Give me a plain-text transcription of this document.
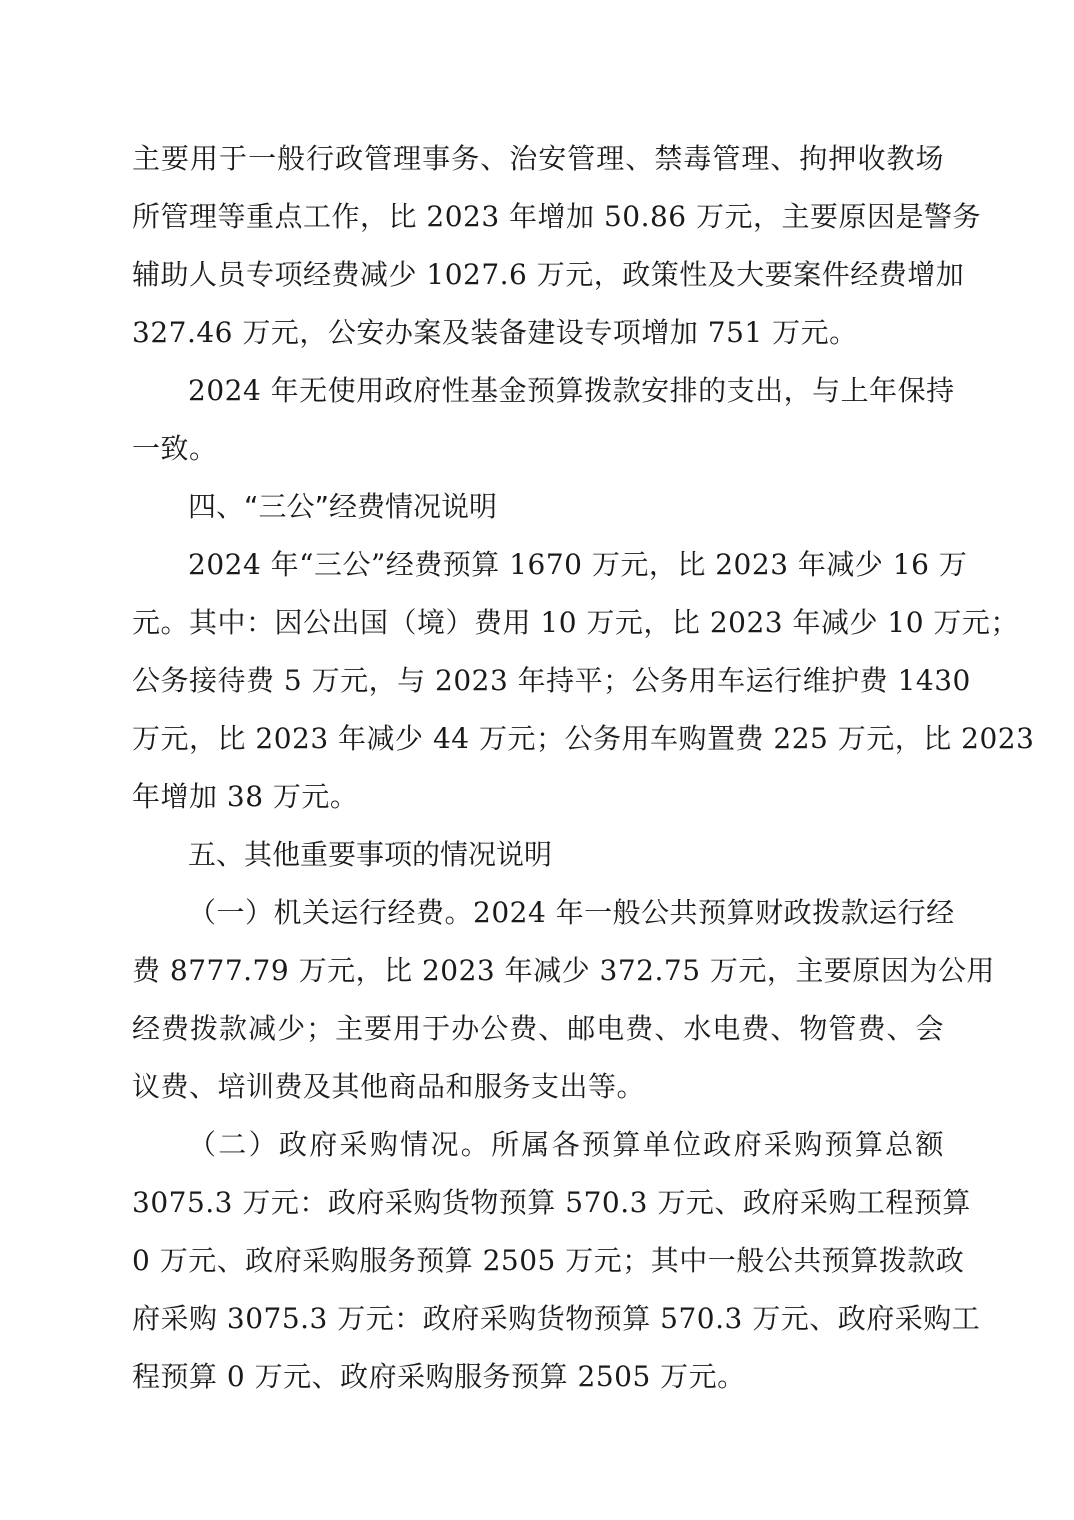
主要用于一般行政管理事务、治安管理、禁毒管理、拘押收教场
所管理等重点工作，比 2023 年增加 50.86 万元，主要原因是警务
辅助人员专项经费减少 1027.6 万元，政策性及大要案件经费增加
327.46 万元，公安办案及装备建设专项增加 751 万元。
2024 年无使用政府性基金预算拨款安排的支出，与上年保持
一致。
四、“三公”经费情况说明
2024 年“三公”经费预算 1670 万元，比 2023 年减少 16 万
元。其中：因公出国（境）费用 10 万元，比 2023 年减少 10 万元；
公务接待费 5 万元，与 2023 年持平；公务用车运行维护费 1430
万元，比 2023 年减少 44 万元；公务用车购置费 225 万元，比 2023
年增加 38 万元。
五、其他重要事项的情况说明
（一）机关运行经费。2024 年一般公共预算财政拨款运行经
费 8777.79 万元，比 2023 年减少 372.75 万元，主要原因为公用
经费拨款减少；主要用于办公费、邮电费、水电费、物管费、会
议费、培训费及其他商品和服务支出等。
（二）政府采购情况。所属各预算单位政府采购预算总额
3075.3 万元：政府采购货物预算 570.3 万元、政府采购工程预算
0 万元、政府采购服务预算 2505 万元；其中一般公共预算拨款政
府采购 3075.3 万元：政府采购货物预算 570.3 万元、政府采购工
程预算 0 万元、政府采购服务预算 2505 万元。
